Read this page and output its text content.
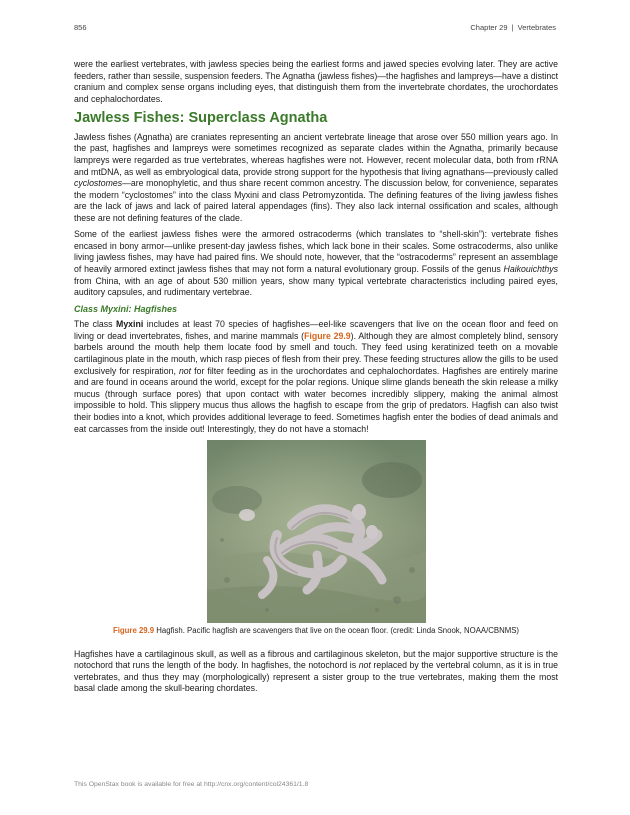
856	Chapter 29 | Vertebrates

were the earliest vertebrates, with jawless species being the earliest forms and jawed species evolving later. They are active feeders, rather than sessile, suspension feeders. The Agnatha (jawless fishes)—the hagfishes and lampreys—have a distinct cranium and complex sense organs including eyes, that distinguish them from the invertebrate chordates, the urochordates and cephalochordates.

Jawless Fishes: Superclass Agnatha

Jawless fishes (Agnatha) are craniates representing an ancient vertebrate lineage that arose over 550 million years ago. In the past, hagfishes and lampreys were sometimes recognized as separate clades within the Agnatha, primarily because lampreys were regarded as true vertebrates, whereas hagfishes were not. However, recent molecular data, both from rRNA and mtDNA, as well as embryological data, provide strong support for the hypothesis that living agnathans—previously called cyclostomes—are monophyletic, and thus share recent common ancestry. The discussion below, for convenience, separates the modern “cyclostomes” into the class Myxini and class Petromyzontida. The defining features of the living jawless fishes are the lack of jaws and lack of paired lateral appendages (fins). They also lack internal ossification and scales, although these are not defining features of the clade.

Some of the earliest jawless fishes were the armored ostracoderms (which translates to “shell-skin”): vertebrate fishes encased in bony armor—unlike present-day jawless fishes, which lack bone in their scales. Some ostracoderms, also unlike living jawless fishes, may have had paired fins. We should note, however, that the “ostracoderms” represent an assemblage of heavily armored extinct jawless fishes that may not form a natural evolutionary group. Fossils of the genus Haikouichthys from China, with an age of about 530 million years, show many typical vertebrate characteristics including paired eyes, auditory capsules, and rudimentary vertebrae.

Class Myxini: Hagfishes

The class Myxini includes at least 70 species of hagfishes—eel-like scavengers that live on the ocean floor and feed on living or dead invertebrates, fishes, and marine mammals (Figure 29.9). Although they are almost completely blind, sensory barbels around the mouth help them locate food by smell and touch. They feed using keratinized teeth on a movable cartilaginous plate in the mouth, which rasp pieces of flesh from their prey. These feeding structures allow the gills to be used exclusively for respiration, not for filter feeding as in the urochordates and cephalochordates. Hagfishes are entirely marine and are found in oceans around the world, except for the polar regions. Unique slime glands beneath the skin release a milky mucus (through surface pores) that upon contact with water becomes incredibly slippery, making the animal almost impossible to hold. This slippery mucus thus allows the hagfish to escape from the grip of predators. Hagfish can also twist their bodies into a knot, which provides additional leverage to feed. Sometimes hagfish enter the bodies of dead animals and eat carcasses from the inside out! Interestingly, they do not have a stomach!

Figure 29.9 Hagfish. Pacific hagfish are scavengers that live on the ocean floor. (credit: Linda Snook, NOAA/CBNMS)

Hagfishes have a cartilaginous skull, as well as a fibrous and cartilaginous skeleton, but the major supportive structure is the notochord that runs the length of the body. In hagfishes, the notochord is not replaced by the vertebral column, as it is in true vertebrates, and thus they may (morphologically) represent a sister group to the true vertebrates, making them the most basal clade among the skull-bearing chordates.

This OpenStax book is available for free at http://cnx.org/content/col24361/1.8
